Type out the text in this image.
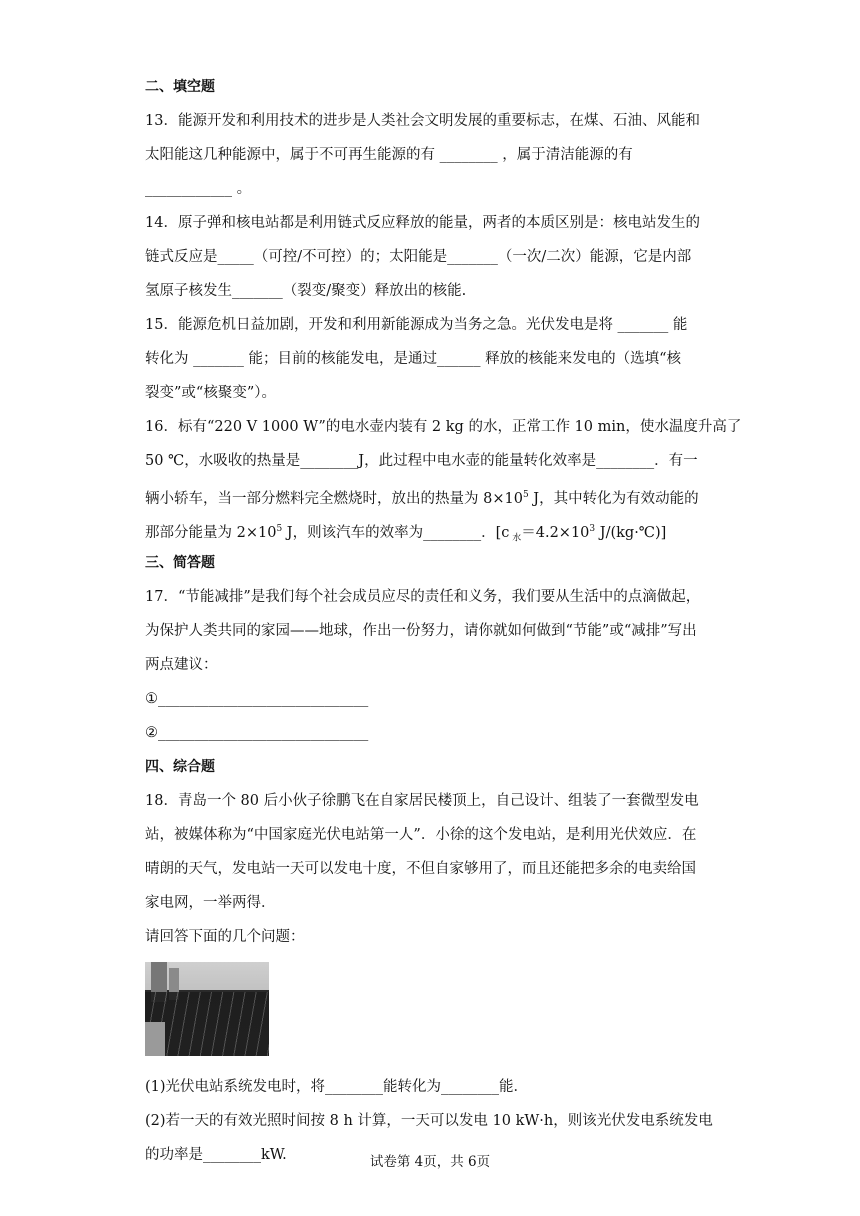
二、填空题
13．能源开发和利用技术的进步是人类社会文明发展的重要标志，在煤、石油、风能和
太阳能这几种能源中，属于不可再生能源的有 ________ ，属于清洁能源的有
____________ 。
14．原子弹和核电站都是利用链式反应释放的能量，两者的本质区别是：核电站发生的
链式反应是_____（可控/不可控）的；太阳能是_______（一次/二次）能源，它是内部
氢原子核发生_______（裂变/聚变）释放出的核能.
15．能源危机日益加剧，开发和利用新能源成为当务之急。光伏发电是将 _______ 能
转化为 _______ 能；目前的核能发电，是通过______ 释放的核能来发电的（选填“核
裂变”或“核聚变”）。
16．标有“220 V 1000 W”的电水壶内装有 2 kg 的水，正常工作 10 min，使水温度升高了
50 ℃，水吸收的热量是________J，此过程中电水壶的能量转化效率是________．有一
辆小轿车，当一部分燃料完全燃烧时，放出的热量为 $8\times 10^5$ J，其中转化为有效动能的
那部分能量为 $2\times 10^5$ J，则该汽车的效率为________．[c $_水=4.2\times 10^3$ J/(kg·℃)]
三、简答题
17．“节能减排”是我们每个社会成员应尽的责任和义务，我们要从生活中的点滴做起，
为保护人类共同的家园——地球，作出一份努力，请你就如何做到“节能”或“减排”写出
两点建议：
①_____________________________
②_____________________________
四、综合题
18．青岛一个 80 后小伙子徐鹏飞在自家居民楼顶上，自己设计、组装了一套微型发电
站，被媒体称为“中国家庭光伏电站第一人”．小徐的这个发电站，是利用光伏效应．在
晴朗的天气，发电站一天可以发电十度，不但自家够用了，而且还能把多余的电卖给国
家电网，一举两得．
请回答下面的几个问题：
(1)光伏电站系统发电时，将________能转化为________能．
(2)若一天的有效光照时间按 8 h 计算，一天可以发电 10 kW·h，则该光伏发电系统发电
的功率是________kW.	试卷第 4页，共 6页
